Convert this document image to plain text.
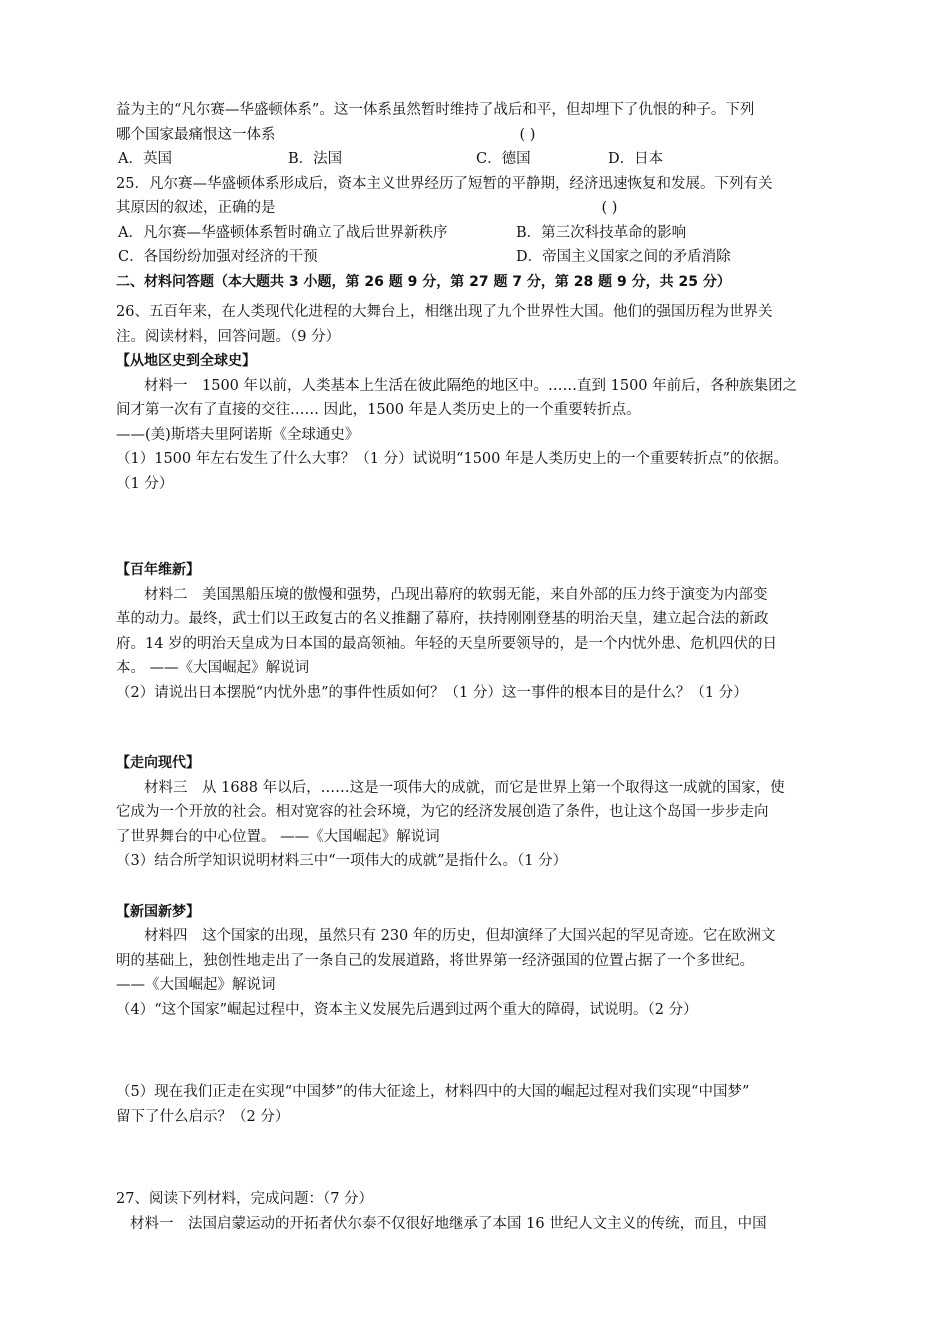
益为主的“凡尔赛—华盛顿体系”。这一体系虽然暂时维持了战后和平，但却埋下了仇恨的种子。下列

哪个国家最痛恨这一体系	( )

A．英国	B．法国	C．德国	D．日本

25．凡尔赛—华盛顿体系形成后，资本主义世界经历了短暂的平静期，经济迅速恢复和发展。下列有关

其原因的叙述，正确的是	( )

A．凡尔赛—华盛顿体系暂时确立了战后世界新秩序	B．第三次科技革命的影响
C．各国纷纷加强对经济的干预	D．帝国主义国家之间的矛盾消除

二、材料问答题（本大题共 3 小题，第 26 题 9 分，第 27 题 7 分，第 28 题 9 分，共 25 分）

26、五百年来，在人类现代化进程的大舞台上，相继出现了九个世界性大国。他们的强国历程为世界关

注。阅读材料，回答问题。（9 分）

【从地区史到全球史】

材料一　1500 年以前，人类基本上生活在彼此隔绝的地区中。……直到 1500 年前后，各种族集团之

间才第一次有了直接的交往…… 因此，1500 年是人类历史上的一个重要转折点。

——(美)斯塔夫里阿诺斯《全球通史》

（1）1500 年左右发生了什么大事？（1 分）试说明“1500 年是人类历史上的一个重要转折点”的依据。

（1 分）

【百年维新】

材料二　美国黑船压境的傲慢和强势，凸现出幕府的软弱无能，来自外部的压力终于演变为内部变

革的动力。最终，武士们以王政复古的名义推翻了幕府，扶持刚刚登基的明治天皇，建立起合法的新政

府。14 岁的明治天皇成为日本国的最高领袖。年轻的天皇所要领导的，是一个内忧外患、危机四伏的日

本。 ——《大国崛起》解说词

（2）请说出日本摆脱“内忧外患”的事件性质如何？（1 分）这一事件的根本目的是什么？（1 分）

【走向现代】

材料三　从 1688 年以后，……这是一项伟大的成就，而它是世界上第一个取得这一成就的国家，使

它成为一个开放的社会。相对宽容的社会环境，为它的经济发展创造了条件，也让这个岛国一步步走向

了世界舞台的中心位置。 ——《大国崛起》解说词

（3）结合所学知识说明材料三中“一项伟大的成就”是指什么。（1 分）

【新国新梦】

材料四　这个国家的出现，虽然只有 230 年的历史，但却演绎了大国兴起的罕见奇迹。它在欧洲文

明的基础上，独创性地走出了一条自己的发展道路，将世界第一经济强国的位置占据了一个多世纪。

——《大国崛起》解说词

（4）“这个国家”崛起过程中，资本主义发展先后遇到过两个重大的障碍，试说明。（2 分）

（5）现在我们正走在实现“中国梦”的伟大征途上，材料四中的大国的崛起过程对我们实现“中国梦”

留下了什么启示？（2 分）

27、阅读下列材料，完成问题：（7 分）

材料一　法国启蒙运动的开拓者伏尔泰不仅很好地继承了本国 16 世纪人文主义的传统，而且，中国
